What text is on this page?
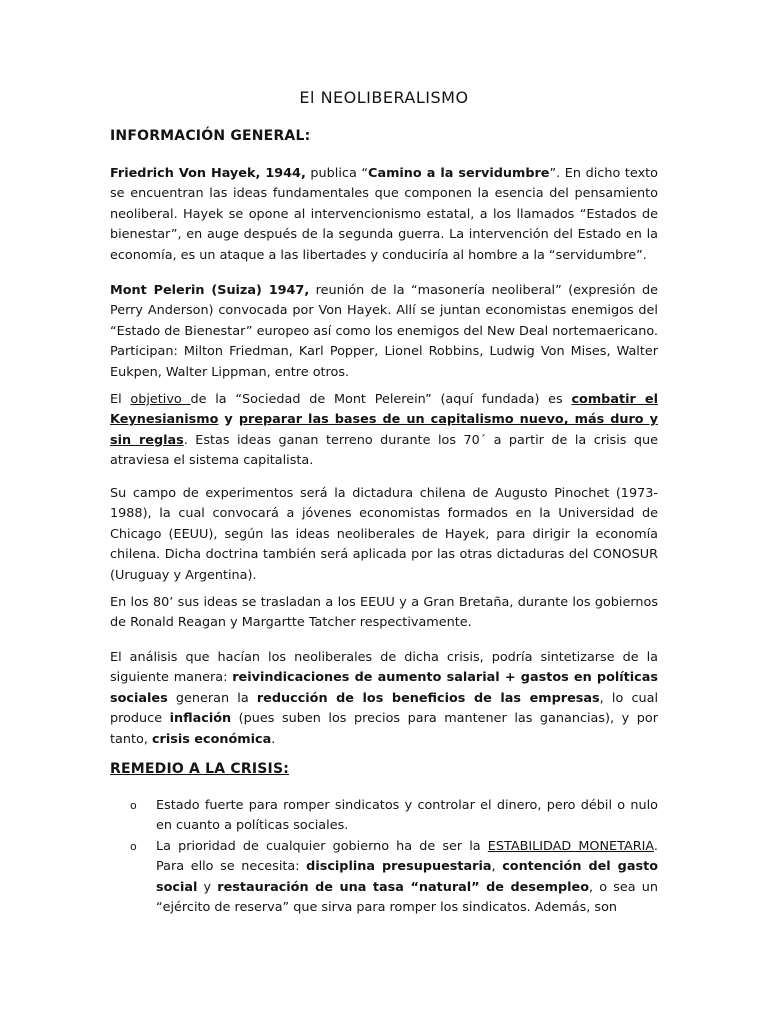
El NEOLIBERALISMO
INFORMACIÓN GENERAL:

Friedrich Von Hayek, 1944, publica “Camino a la servidumbre”. En dicho texto se encuentran las ideas fundamentales que componen la esencia del pensamiento neoliberal. Hayek se opone al intervencionismo estatal, a los llamados “Estados de bienestar”, en auge después de la segunda guerra. La intervención del Estado en la economía, es un ataque a las libertades y conduciría al hombre a la “servidumbre”.

Mont Pelerin (Suiza) 1947, reunión de la “masonería neoliberal” (expresión de Perry Anderson) convocada por Von Hayek. Allí se juntan economistas enemigos del “Estado de Bienestar” europeo así como los enemigos del New Deal nortemaericano. Participan: Milton Friedman, Karl Popper, Lionel Robbins, Ludwig Von Mises, Walter Eukpen, Walter Lippman, entre otros.

El objetivo de la “Sociedad de Mont Pelerein” (aquí fundada) es combatir el Keynesianismo y preparar las bases de un capitalismo nuevo, más duro y sin reglas. Estas ideas ganan terreno durante los 70´ a partir de la crisis que atraviesa el sistema capitalista.

Su campo de experimentos será la dictadura chilena de Augusto Pinochet (1973-1988), la cual convocará a jóvenes economistas formados en la Universidad de Chicago (EEUU), según las ideas neoliberales de Hayek, para dirigir la economía chilena. Dicha doctrina también será aplicada por las otras dictaduras del CONOSUR (Uruguay y Argentina).

En los 80’ sus ideas se trasladan a los EEUU y a Gran Bretaña, durante los gobiernos de Ronald Reagan y Margartte Tatcher respectivamente.

El análisis que hacían los neoliberales de dicha crisis, podría sintetizarse de la siguiente manera: reivindicaciones de aumento salarial + gastos en políticas sociales generan la reducción de los beneficios de las empresas, lo cual produce inflación (pues suben los precios para mantener las ganancias), y por tanto, crisis económica.

REMEDIO A LA CRISIS:
o Estado fuerte para romper sindicatos y controlar el dinero, pero débil o nulo en cuanto a políticas sociales.
o La prioridad de cualquier gobierno ha de ser la ESTABILIDAD MONETARIA. Para ello se necesita: disciplina presupuestaria, contención del gasto social y restauración de una tasa “natural” de desempleo, o sea un “ejército de reserva” que sirva para romper los sindicatos. Además, son
